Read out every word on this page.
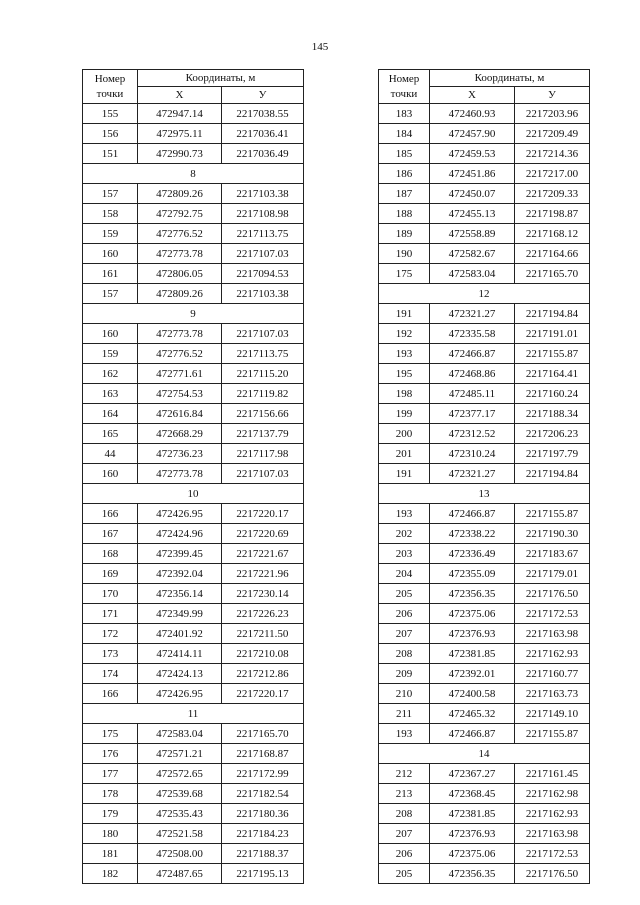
145
Номер точки	Координаты, м	
	X	У
155	472947.14	2217038.55
156	472975.11	2217036.41
151	472990.73	2217036.49
8		
157	472809.26	2217103.38
158	472792.75	2217108.98
159	472776.52	2217113.75
160	472773.78	2217107.03
161	472806.05	2217094.53
157	472809.26	2217103.38
9		
160	472773.78	2217107.03
159	472776.52	2217113.75
162	472771.61	2217115.20
163	472754.53	2217119.82
164	472616.84	2217156.66
165	472668.29	2217137.79
44	472736.23	2217117.98
160	472773.78	2217107.03
10		
166	472426.95	2217220.17
167	472424.96	2217220.69
168	472399.45	2217221.67
169	472392.04	2217221.96
170	472356.14	2217230.14
171	472349.99	2217226.23
172	472401.92	2217211.50
173	472414.11	2217210.08
174	472424.13	2217212.86
166	472426.95	2217220.17
11		
175	472583.04	2217165.70
176	472571.21	2217168.87
177	472572.65	2217172.99
178	472539.68	2217182.54
179	472535.43	2217180.36
180	472521.58	2217184.23
181	472508.00	2217188.37
182	472487.65	2217195.13
Номер точки	Координаты, м	
	X	У
183	472460.93	2217203.96
184	472457.90	2217209.49
185	472459.53	2217214.36
186	472451.86	2217217.00
187	472450.07	2217209.33
188	472455.13	2217198.87
189	472558.89	2217168.12
190	472582.67	2217164.66
175	472583.04	2217165.70
12		
191	472321.27	2217194.84
192	472335.58	2217191.01
193	472466.87	2217155.87
195	472468.86	2217164.41
198	472485.11	2217160.24
199	472377.17	2217188.34
200	472312.52	2217206.23
201	472310.24	2217197.79
191	472321.27	2217194.84
13		
193	472466.87	2217155.87
202	472338.22	2217190.30
203	472336.49	2217183.67
204	472355.09	2217179.01
205	472356.35	2217176.50
206	472375.06	2217172.53
207	472376.93	2217163.98
208	472381.85	2217162.93
209	472392.01	2217160.77
210	472400.58	2217163.73
211	472465.32	2217149.10
193	472466.87	2217155.87
14		
212	472367.27	2217161.45
213	472368.45	2217162.98
208	472381.85	2217162.93
207	472376.93	2217163.98
206	472375.06	2217172.53
205	472356.35	2217176.50
